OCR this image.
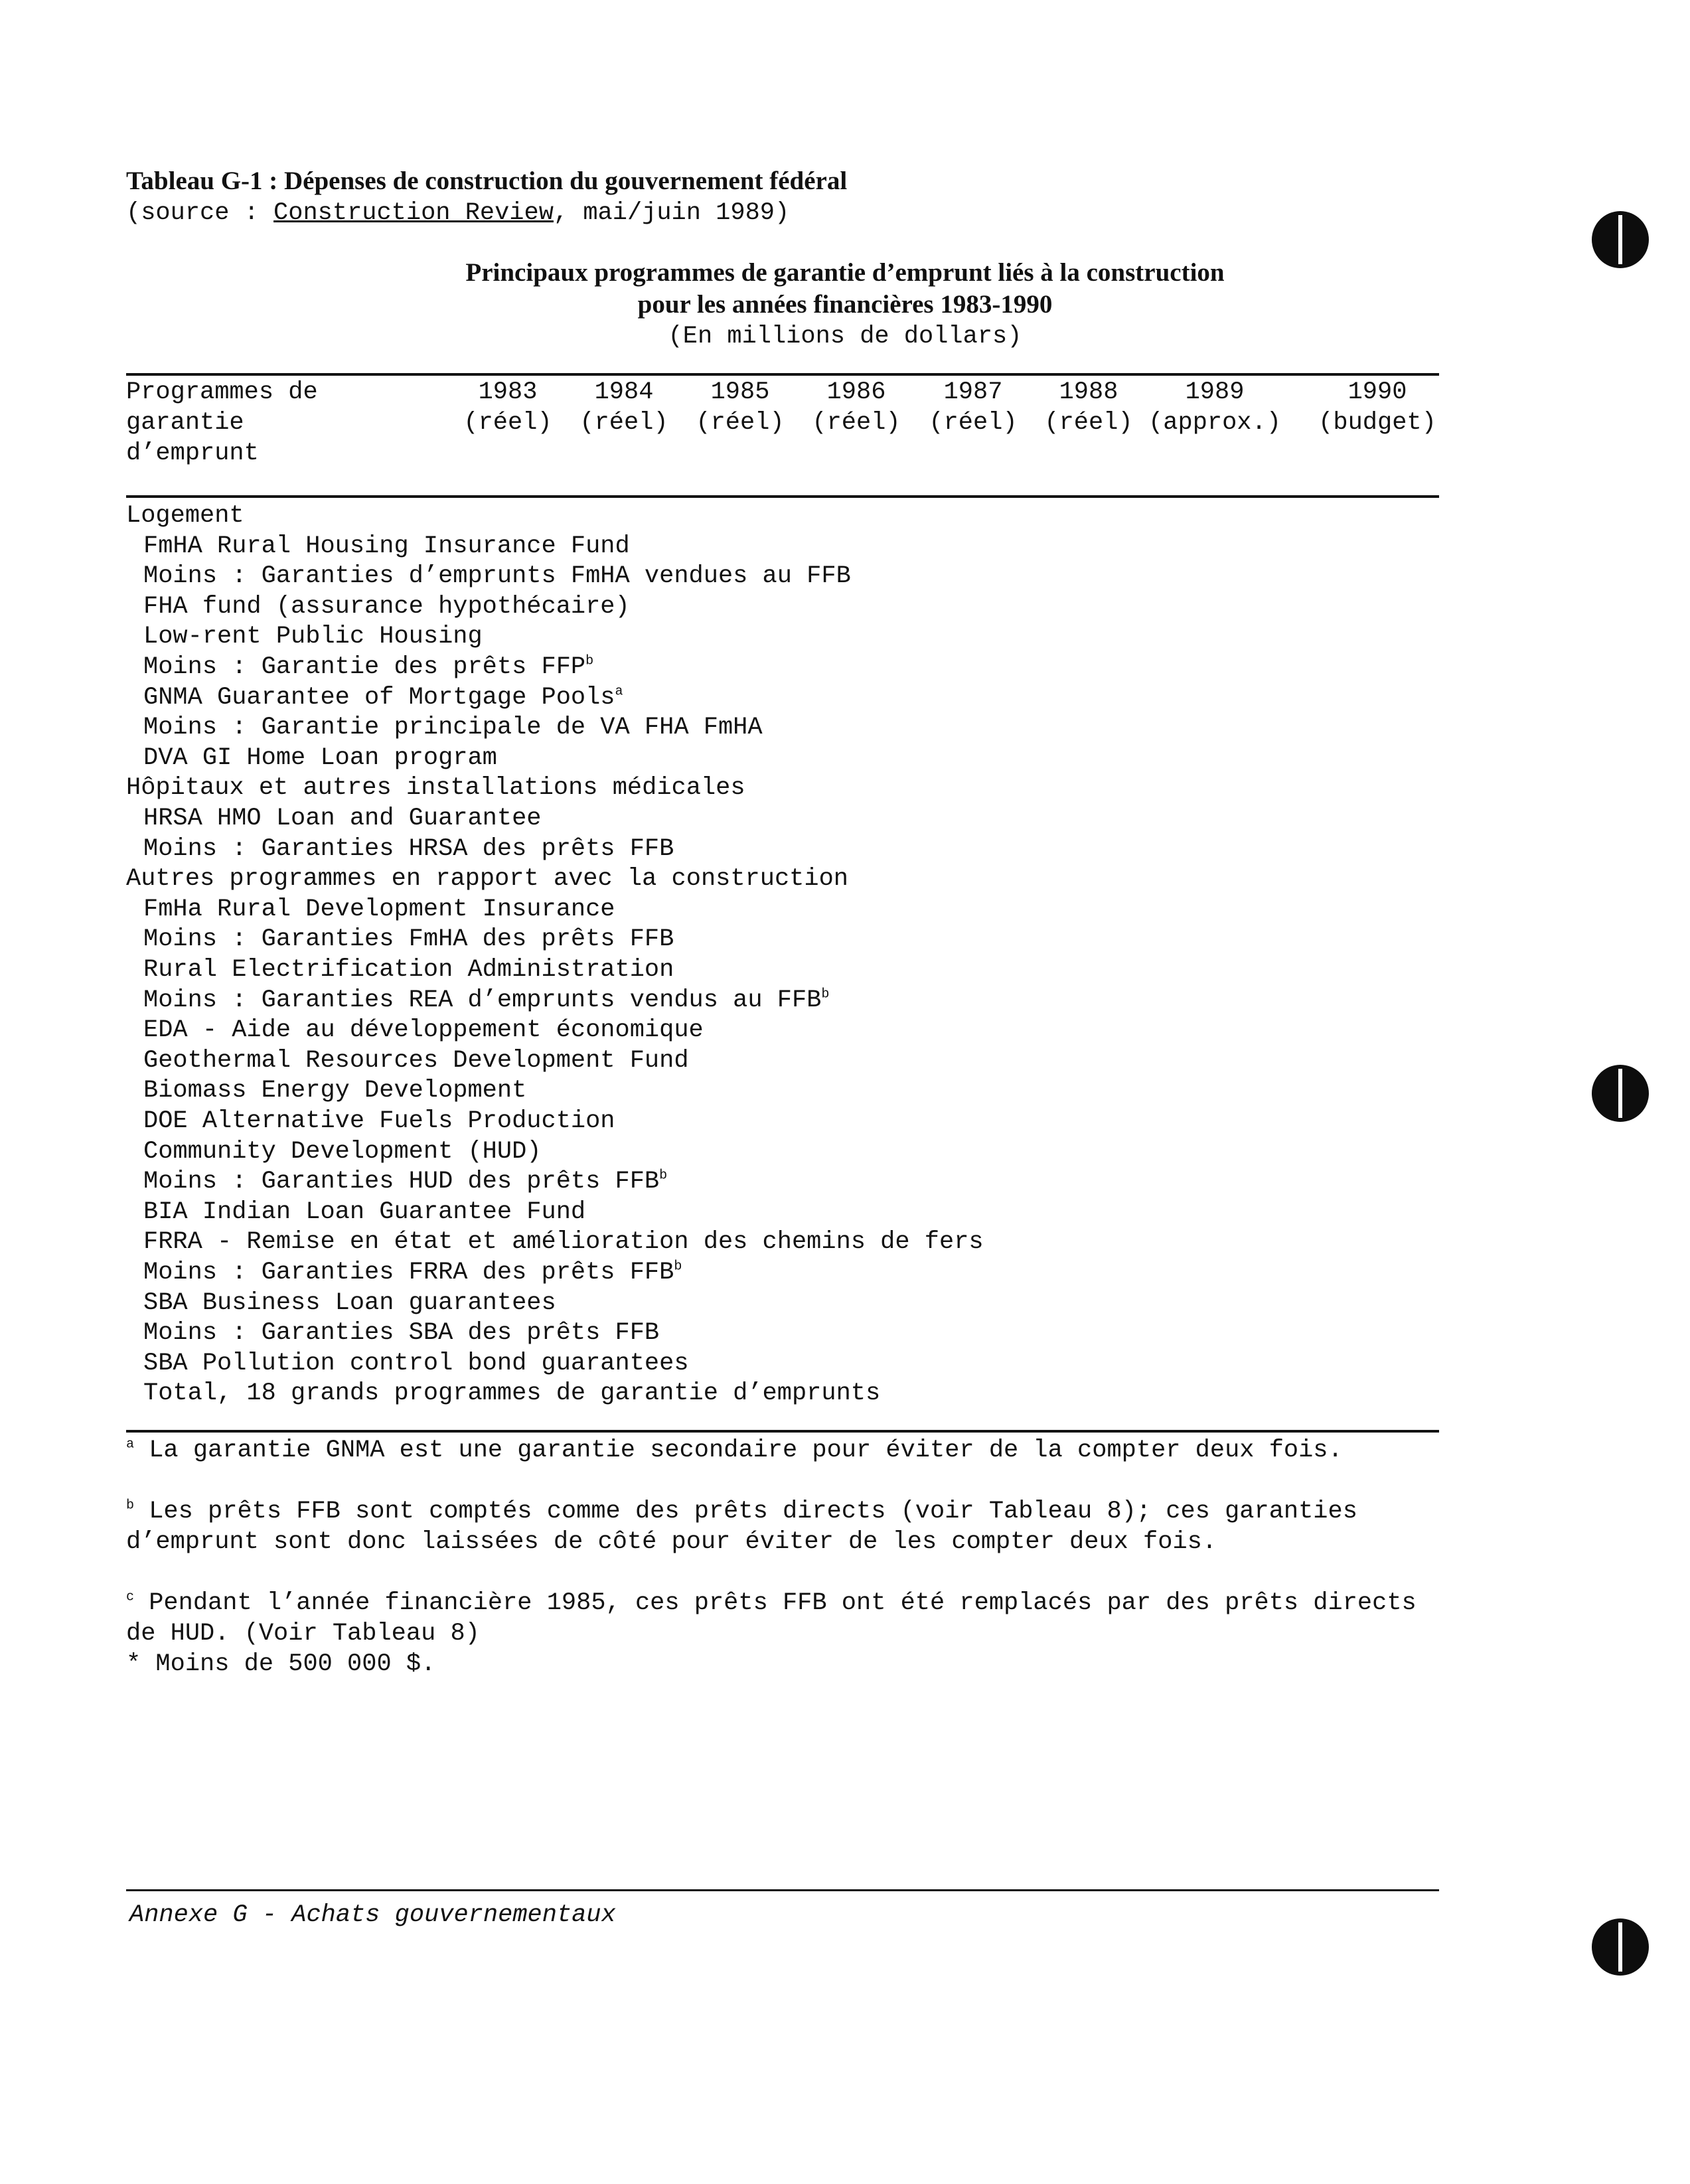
Tableau G-1 : Dépenses de construction du gouvernement fédéral
(source : Construction Review, mai/juin 1989)
Principaux programmes de garantie d’emprunt liés à la construction
pour les années financières 1983-1990
(En millions de dollars)
Programmes de
garantie
d’emprunt
1983
(réel)
1984
(réel)
1985
(réel)
1986
(réel)
1987
(réel)
1988
(réel)
1989
(approx.)
1990
(budget)
Logement
FmHA Rural Housing Insurance Fund
Moins : Garanties d’emprunts FmHA vendues au FFB
FHA fund (assurance hypothécaire)
Low-rent Public Housing
Moins : Garantie des prêts FFP$^b$
GNMA Guarantee of Mortgage Pools$^a$
Moins : Garantie principale de VA FHA FmHA
DVA GI Home Loan program
Hôpitaux et autres installations médicales
HRSA HMO Loan and Guarantee
Moins : Garanties HRSA des prêts FFB
Autres programmes en rapport avec la construction
FmHa Rural Development Insurance
Moins : Garanties FmHA des prêts FFB
Rural Electrification Administration
Moins : Garanties REA d’emprunts vendus au FFB$^b$
EDA - Aide au développement économique
Geothermal Resources Development Fund
Biomass Energy Development
DOE Alternative Fuels Production
Community Development (HUD)
Moins : Garanties HUD des prêts FFB$^b$
BIA Indian Loan Guarantee Fund
FRRA - Remise en état et amélioration des chemins de fers
Moins : Garanties FRRA des prêts FFB$^b$
SBA Business Loan guarantees
Moins : Garanties SBA des prêts FFB
SBA Pollution control bond guarantees
Total, 18 grands programmes de garantie d’emprunts
$^a$ La garantie GNMA est une garantie secondaire pour éviter de la compter deux fois.
$^b$ Les prêts FFB sont comptés comme des prêts directs (voir Tableau 8); ces garanties d’emprunt sont donc laissées de côté pour éviter de les compter deux fois.
$^c$ Pendant l’année financière 1985, ces prêts FFB ont été remplacés par des prêts directs de HUD. (Voir Tableau 8)
* Moins de 500 000 $.
Annexe G - Achats gouvernementaux
